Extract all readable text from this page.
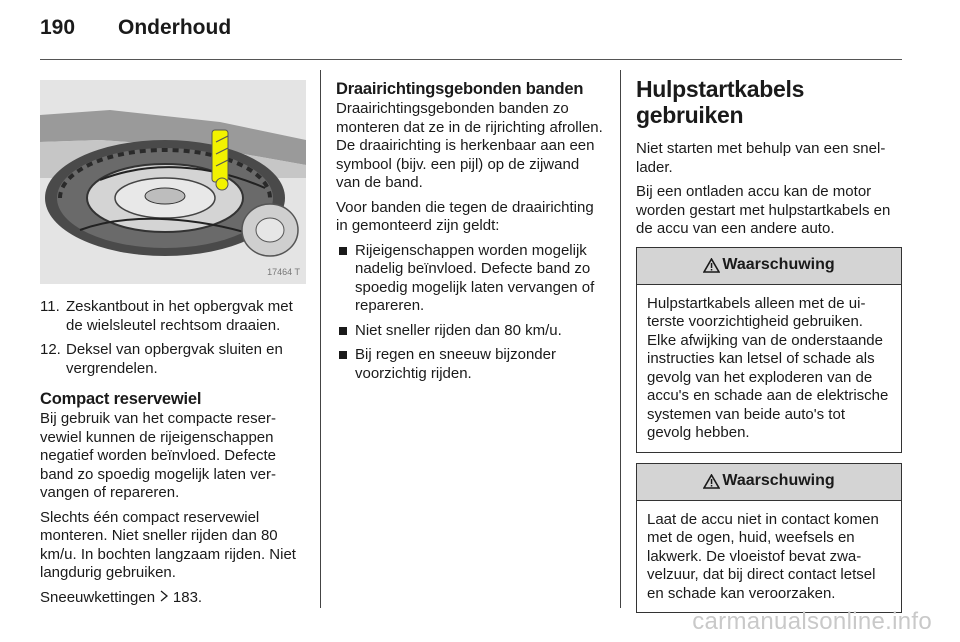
190 Onderhoud
17464 T
11. Zeskantbout in het opbergvak met de wielsleutel rechtsom draaien.
12. Deksel van opbergvak sluiten en vergrendelen.
Compact reservewiel

Bij gebruik van het compacte reservewiel kunnen de rijeigenschappen negatief worden beïnvloed. Defecte band zo spoedig mogelijk laten vervangen of repareren.

Slechts één compact reservewiel monteren. Niet sneller rijden dan 80 km/u. In bochten langzaam rijden. Niet langdurig gebruiken.

Sneeuwkettingen 183.

Draairichtingsgebonden banden

Draairichtingsgebonden banden zo monteren dat ze in de rijrichting afrollen. De draairichting is herkenbaar aan een symbool (bijv. een pijl) op de zijwand van de band.

Voor banden die tegen de draairichting in gemonteerd zijn geldt:

Rijeigenschappen worden mogelijk nadelig beïnvloed. Defecte band zo spoedig mogelijk laten vervangen of repareren.
Niet sneller rijden dan 80 km/u.
Bij regen en sneeuw bijzonder voorzichtig rijden.
Hulpstartkabels gebruiken

Niet starten met behulp van een snellader.

Bij een ontladen accu kan de motor worden gestart met hulpstartkabels en de accu van een andere auto.

Waarschuwing
Hulpstartkabels alleen met de uiterste voorzichtigheid gebruiken. Elke afwijking van de onderstaande instructies kan letsel of schade als gevolg van het exploderen van de accu's en schade aan de elektrische systemen van beide auto's tot gevolg hebben.
Waarschuwing
Laat de accu niet in contact komen met de ogen, huid, weefsels en lakwerk. De vloeistof bevat zwavelzuur, dat bij direct contact letsel en schade kan veroorzaken.
carmanualsonline.info
